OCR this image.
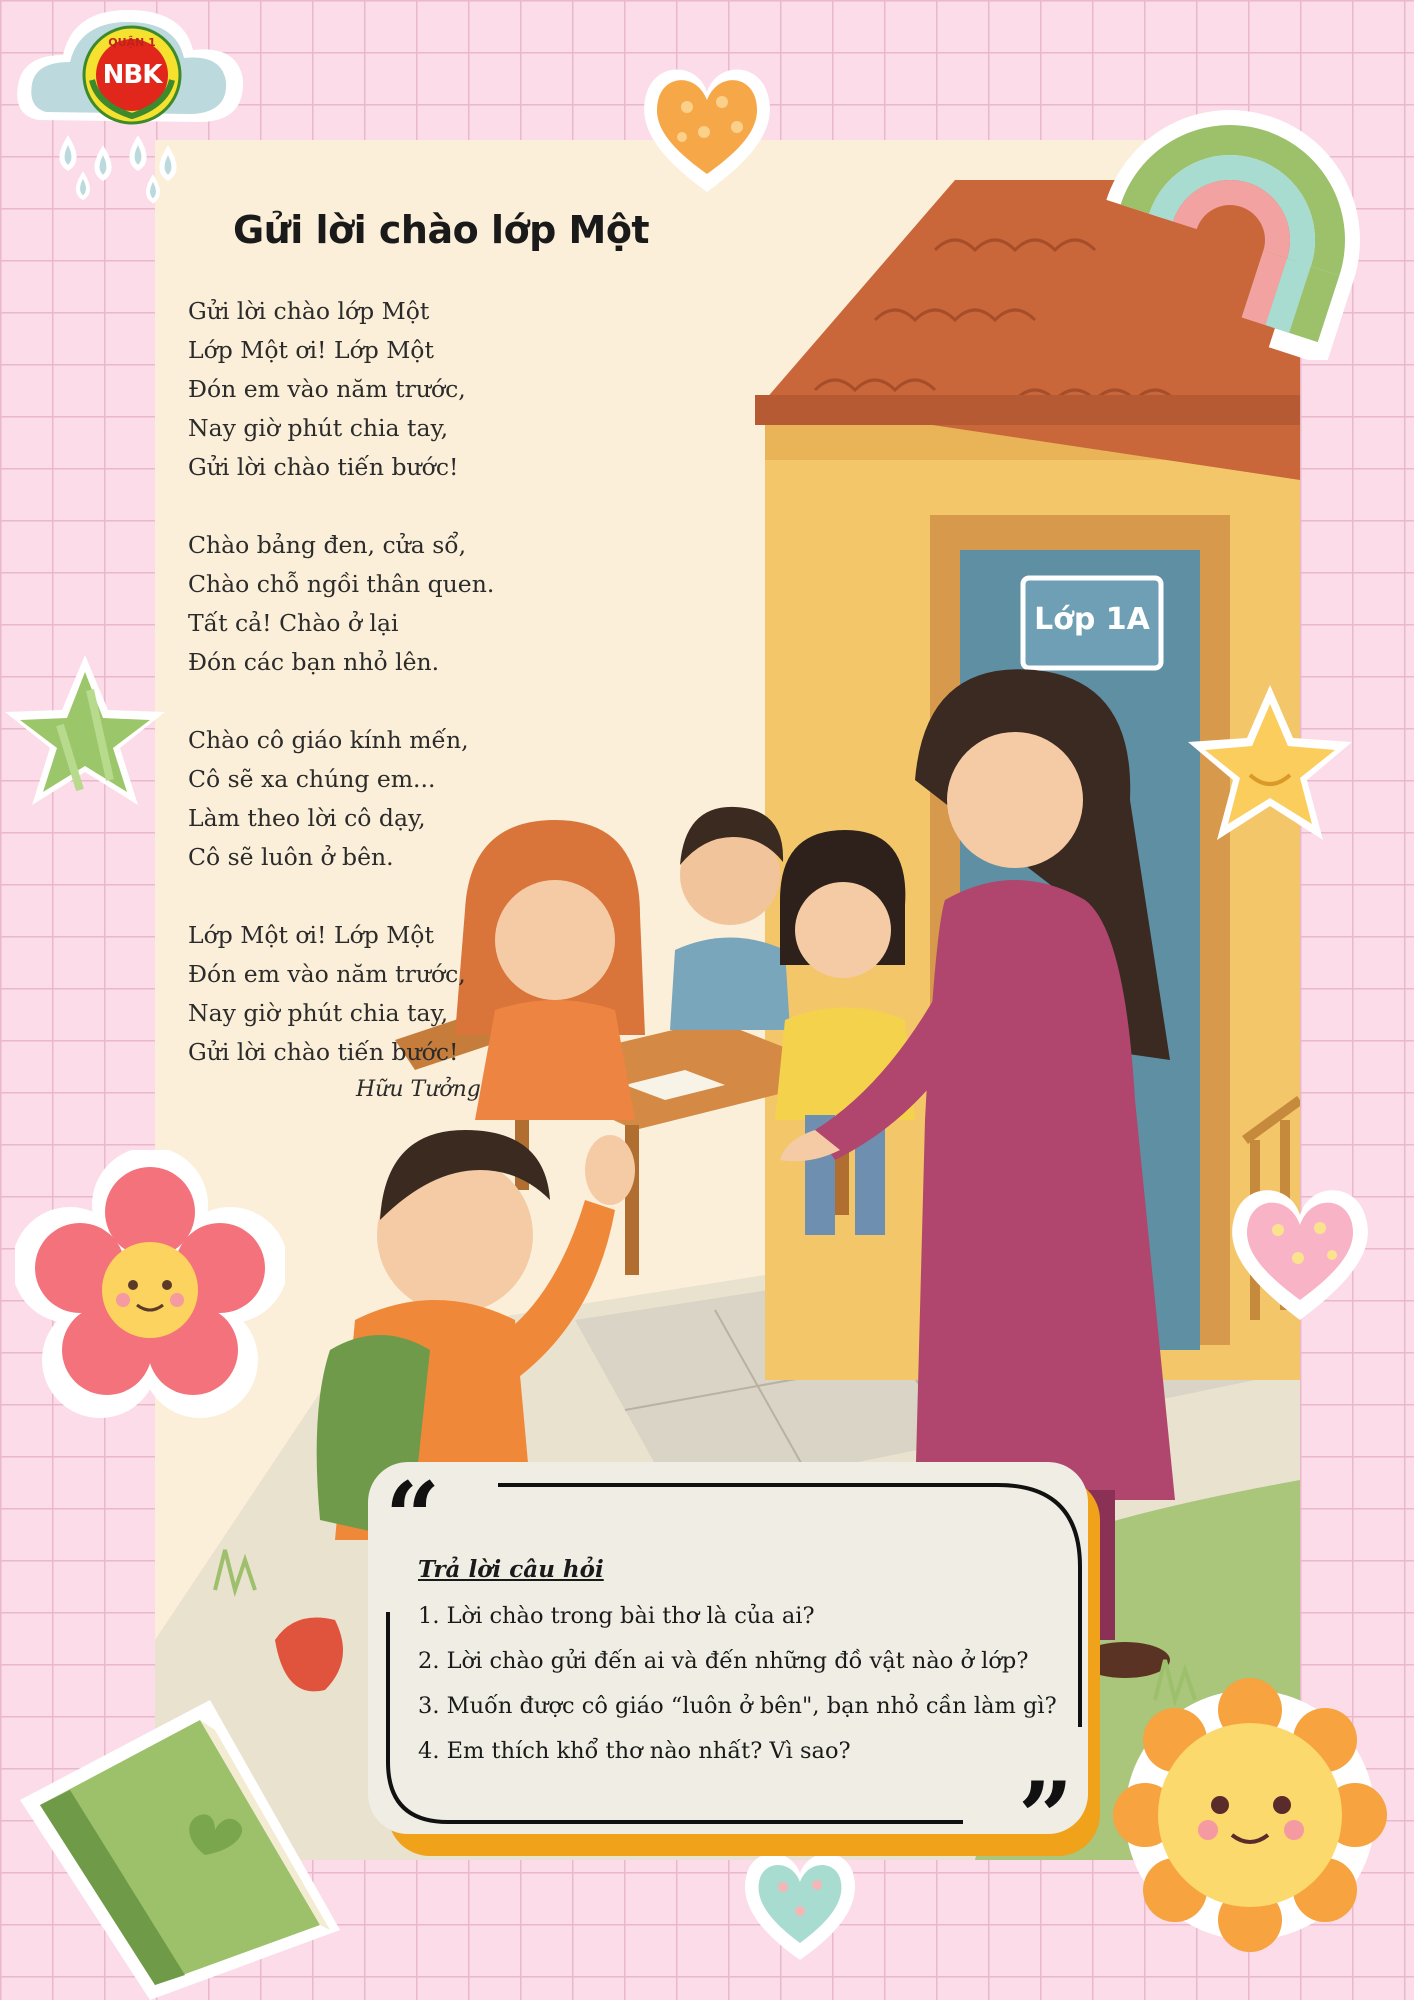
QUẬN 1
NBK
Lớp 1A
Gửi lời chào lớp Một
Gửi lời chào lớp Một
Lớp Một ơi! Lớp Một
Đón em vào năm trước,
Nay giờ phút chia tay,
Gửi lời chào tiến bước!
Chào bảng đen, cửa sổ,
Chào chỗ ngồi thân quen.
Tất cả! Chào ở lại
Đón các bạn nhỏ lên.
Chào cô giáo kính mến,
Cô sẽ xa chúng em...
Làm theo lời cô dạy,
Cô sẽ luôn ở bên.
Lớp Một ơi! Lớp Một
Đón em vào năm trước,
Nay giờ phút chia tay,
Gửi lời chào tiến bước!
Hữu Tưởng
“
”
Trả lời câu hỏi
1. Lời chào trong bài thơ là của ai?
2. Lời chào gửi đến ai và đến những đồ vật nào ở lớp?
3. Muốn được cô giáo “luôn ở bên", bạn nhỏ cần làm gì?
4. Em thích khổ thơ nào nhất? Vì sao?
